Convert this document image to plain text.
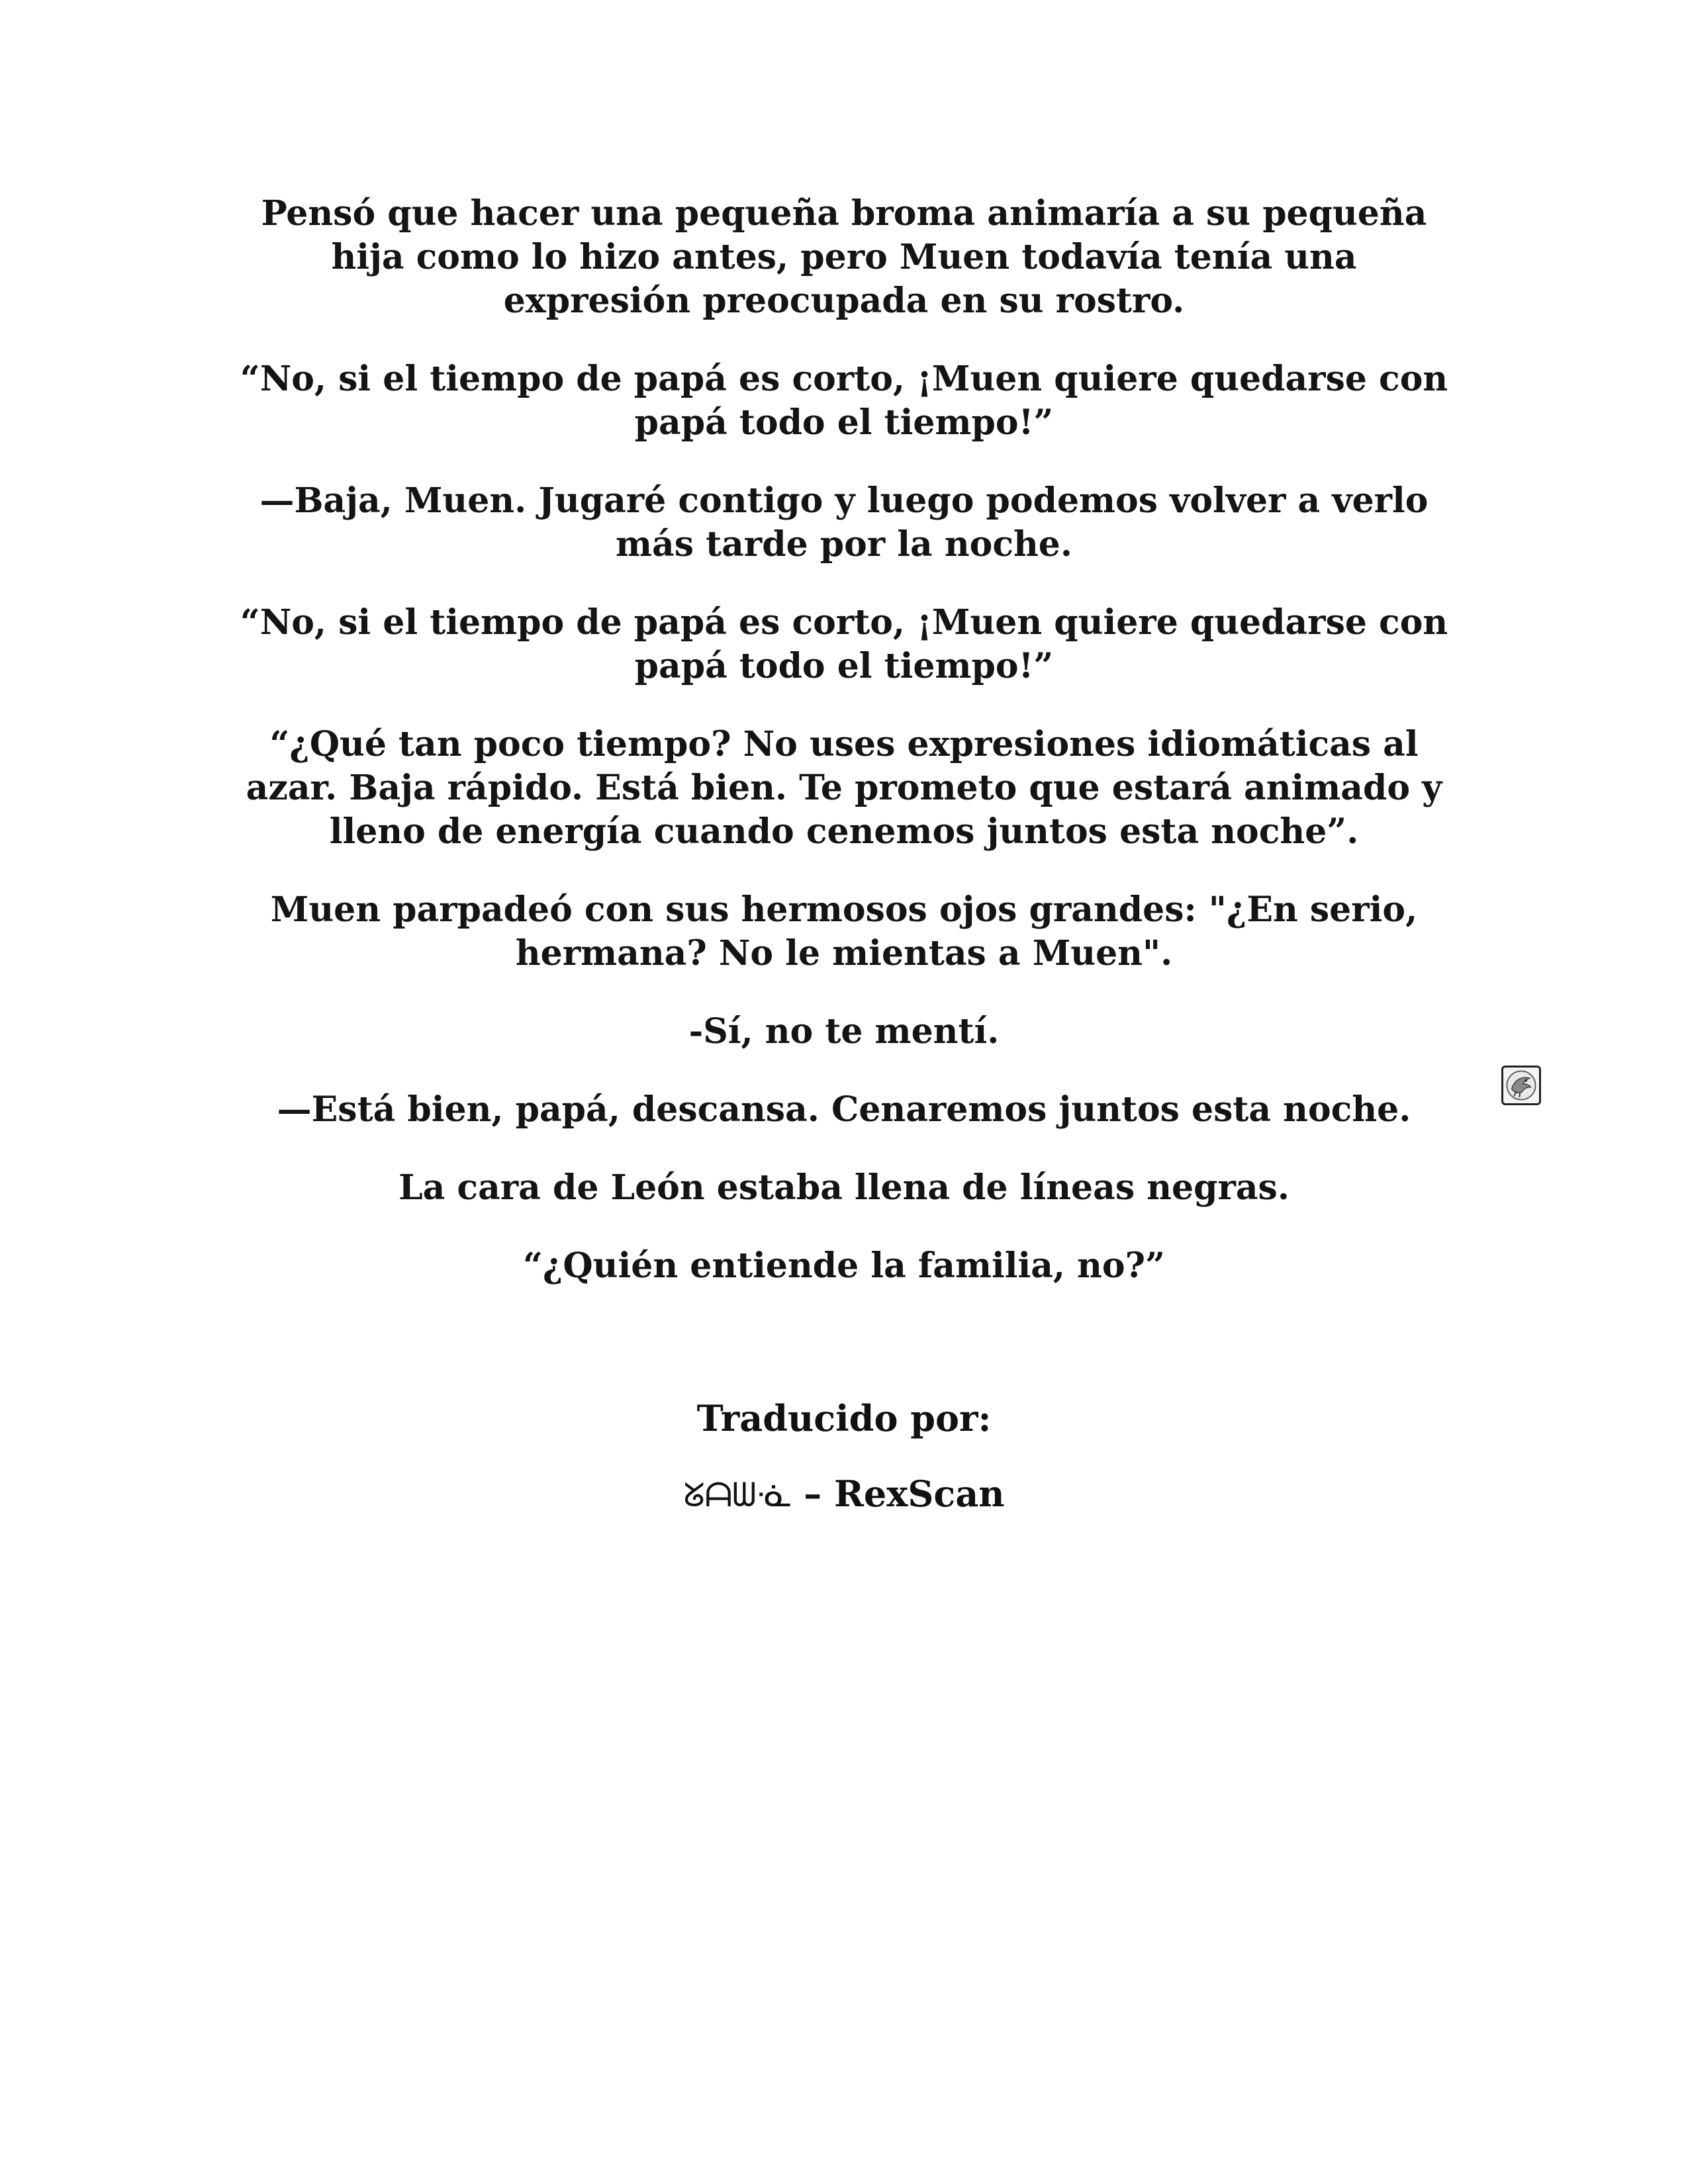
Pensó que hacer una pequeña broma animaría a su pequeña
hija como lo hizo antes, pero Muen todavía tenía una
expresión preocupada en su rostro.

“No, si el tiempo de papá es corto, ¡Muen quiere quedarse con
papá todo el tiempo!”

—Baja, Muen. Jugaré contigo y luego podemos volver a verlo
más tarde por la noche.

“No, si el tiempo de papá es corto, ¡Muen quiere quedarse con
papá todo el tiempo!”

“¿Qué tan poco tiempo? No uses expresiones idiomáticas al
azar. Baja rápido. Está bien. Te prometo que estará animado y
lleno de energía cuando cenemos juntos esta noche”.

Muen parpadeó con sus hermosos ojos grandes: "¿En serio,
hermana? No le mientas a Muen".

-Sí, no te mentí.

—Está bien, papá, descansa. Cenaremos juntos esta noche.

La cara de León estaba llena de líneas negras.

“¿Quién entiende la familia, no?”

Traducido por:
ᘜᗩᗯᓍ – RexScan
